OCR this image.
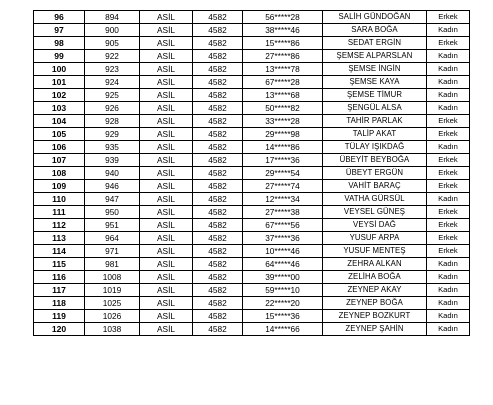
96	894	ASİL	4582	56*****28	SALİH GÜNDOĞAN	Erkek
97	900	ASİL	4582	38*****46	SARA BOĞA	Kadın
98	905	ASİL	4582	15*****86	SEDAT ERGİN	Erkek
99	922	ASİL	4582	27*****86	ŞEMSE ALPARSLAN	Kadın
100	923	ASİL	4582	13*****78	ŞEMSE İNGİN	Kadın
101	924	ASİL	4582	67*****28	ŞEMSE KAYA	Kadın
102	925	ASİL	4582	13*****68	ŞEMSE TİMUR	Kadın
103	926	ASİL	4582	50*****82	ŞENGÜL ALSA	Kadın
104	928	ASİL	4582	33*****28	TAHİR PARLAK	Erkek
105	929	ASİL	4582	29*****98	TALİP AKAT	Erkek
106	935	ASİL	4582	14*****86	TÜLAY IŞIKDAĞ	Kadın
107	939	ASİL	4582	17*****36	ÜBEYİT BEYBOĞA	Erkek
108	940	ASİL	4582	29*****54	ÜBEYT ERGÜN	Erkek
109	946	ASİL	4582	27*****74	VAHİT BARAÇ	Erkek
110	947	ASİL	4582	12*****34	VATHA GÜRSÜL	Kadın
111	950	ASİL	4582	27*****38	VEYSEL GÜNEŞ	Erkek
112	951	ASİL	4582	67*****56	VEYSİ DAĞ	Erkek
113	964	ASİL	4582	37*****36	YUSUF ARPA	Erkek
114	971	ASİL	4582	10*****46	YUSUF MENTEŞ	Erkek
115	981	ASİL	4582	64*****46	ZEHRA ALKAN	Kadın
116	1008	ASİL	4582	39*****00	ZELİHA BOĞA	Kadın
117	1019	ASİL	4582	59*****10	ZEYNEP AKAY	Kadın
118	1025	ASİL	4582	22*****20	ZEYNEP BOĞA	Kadın
119	1026	ASİL	4582	15*****36	ZEYNEP BOZKURT	Kadın
120	1038	ASİL	4582	14*****66	ZEYNEP ŞAHİN	Kadın
